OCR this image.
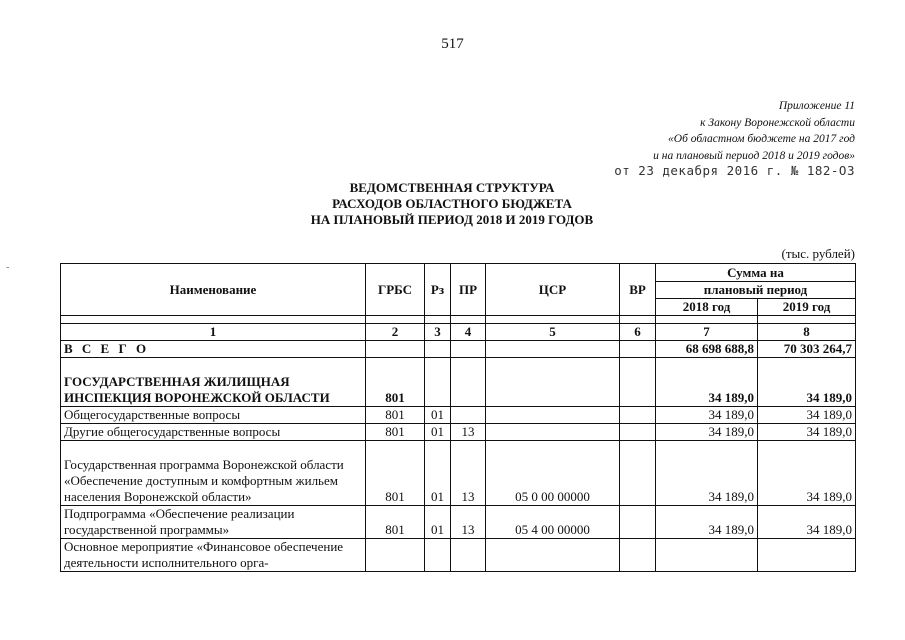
517
Приложение 11
к Закону Воронежской области
«Об областном бюджете на 2017 год
и на плановый период 2018 и 2019 годов»
от 23 декабря 2016 г. № 182-ОЗ
ВЕДОМСТВЕННАЯ СТРУКТУРА
РАСХОДОВ ОБЛАСТНОГО БЮДЖЕТА
НА ПЛАНОВЫЙ ПЕРИОД 2018 И 2019 ГОДОВ
-
(тыс. рублей)
Наименование	ГРБС	Рз	ПР	ЦСР	ВР	Сумма на	
						плановый период	
						2018 год	2019 год

1	2	3	4	5	6	7	8
В С Е Г О						68 698 688,8	70 303 264,7
ГОСУДАРСТВЕННАЯ ЖИЛИЩНАЯ ИНСПЕКЦИЯ ВОРОНЕЖСКОЙ ОБЛАСТИ	801					34 189,0	34 189,0
Общегосударственные вопросы	801	01				34 189,0	34 189,0
Другие общегосударственные вопросы	801	01	13			34 189,0	34 189,0
Государственная программа Воронежской области «Обеспечение доступным и комфортным жильем населения Воронежской области»	801	01	13	05 0 00 00000		34 189,0	34 189,0
Подпрограмма «Обеспечение реализации государственной программы»	801	01	13	05 4 00 00000		34 189,0	34 189,0
Основное мероприятие «Финансовое обеспечение деятельности исполнительного орга-							
